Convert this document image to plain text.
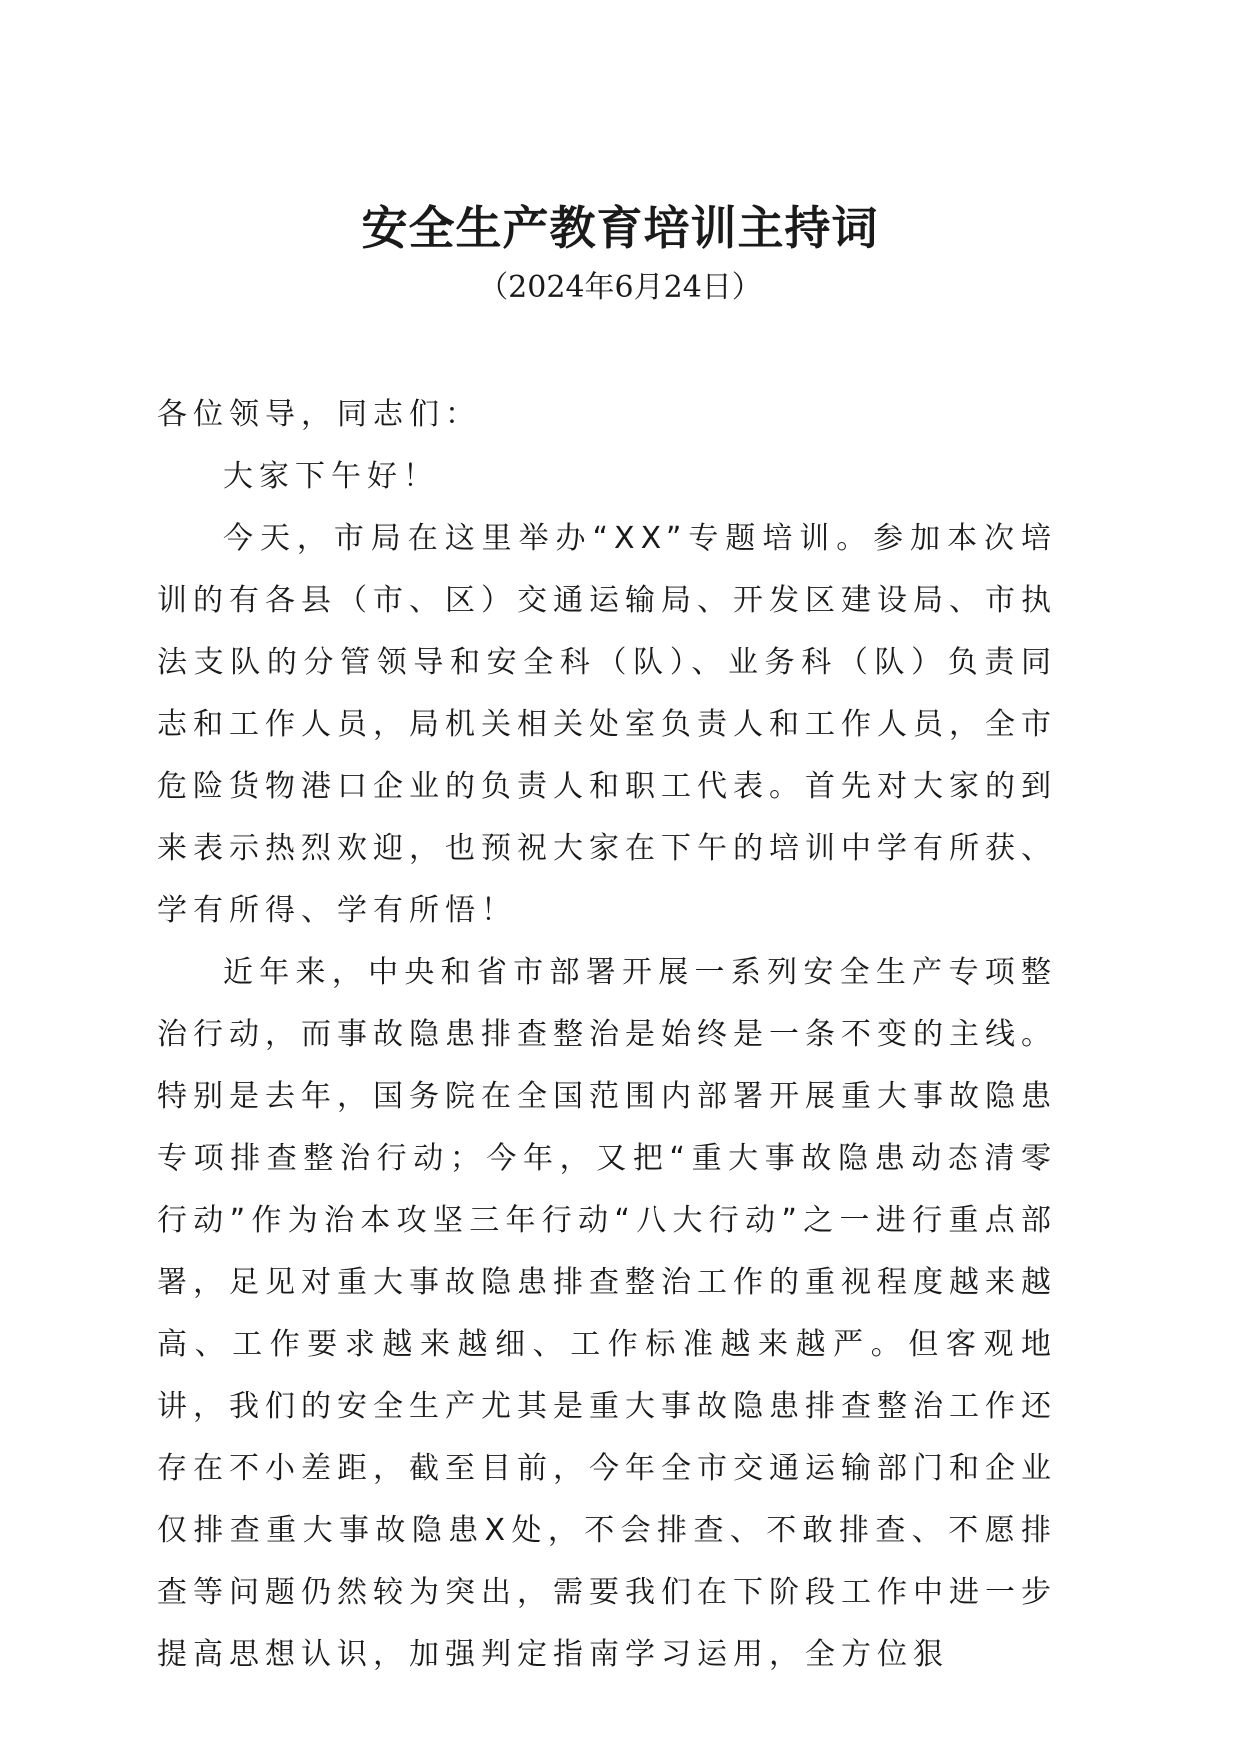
安全生产教育培训主持词
（2024年6月24日）

各位领导，同志们：

大家下午好！

今天，市局在这里举办“XX”专题培训。参加本次培训的有各县（市、区）交通运输局、开发区建设局、市执法支队的分管领导和安全科（队）、业务科（队）负责同志和工作人员，局机关相关处室负责人和工作人员，全市危险货物港口企业的负责人和职工代表。首先对大家的到来表示热烈欢迎，也预祝大家在下午的培训中学有所获、学有所得、学有所悟！

近年来，中央和省市部署开展一系列安全生产专项整治行动，而事故隐患排查整治是始终是一条不变的主线。特别是去年，国务院在全国范围内部署开展重大事故隐患专项排查整治行动；今年，又把“重大事故隐患动态清零行动”作为治本攻坚三年行动“八大行动”之一进行重点部署，足见对重大事故隐患排查整治工作的重视程度越来越高、工作要求越来越细、工作标准越来越严。但客观地讲，我们的安全生产尤其是重大事故隐患排查整治工作还存在不小差距，截至目前，今年全市交通运输部门和企业仅排查重大事故隐患X处，不会排查、不敢排查、不愿排查等问题仍然较为突出，需要我们在下阶段工作中进一步提高思想认识，加强判定指南学习运用，全方位狠
